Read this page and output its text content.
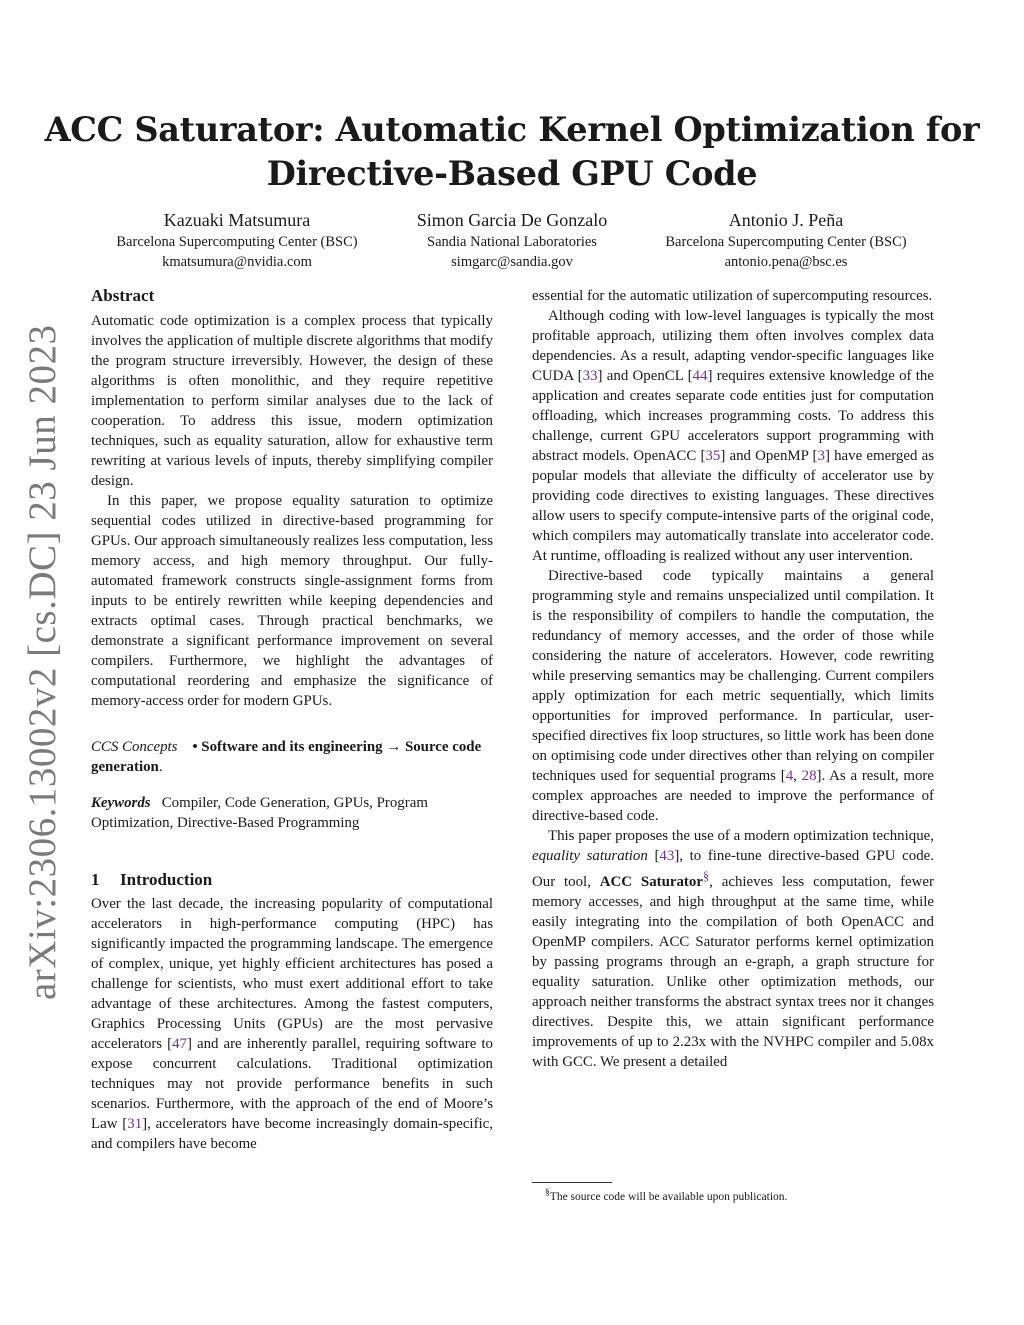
arXiv:2306.13002v2 [cs.DC] 23 Jun 2023
ACC Saturator: Automatic Kernel Optimization for
Directive-Based GPU Code
Kazuaki Matsumura
Barcelona Supercomputing Center (BSC)
kmatsumura@nvidia.com
Simon Garcia De Gonzalo
Sandia National Laboratories
simgarc@sandia.gov
Antonio J. Peña
Barcelona Supercomputing Center (BSC)
antonio.pena@bsc.es
Abstract

Automatic code optimization is a complex process that typically involves the application of multiple discrete algorithms that modify the program structure irreversibly. However, the design of these algorithms is often monolithic, and they require repetitive implementation to perform similar analyses due to the lack of cooperation. To address this issue, modern optimization techniques, such as equality saturation, allow for exhaustive term rewriting at various levels of inputs, thereby simplifying compiler design.

In this paper, we propose equality saturation to optimize sequential codes utilized in directive-based programming for GPUs. Our approach simultaneously realizes less computation, less memory access, and high memory throughput. Our fully-automated framework constructs single-assignment forms from inputs to be entirely rewritten while keeping dependencies and extracts optimal cases. Through practical benchmarks, we demonstrate a significant performance improvement on several compilers. Furthermore, we highlight the advantages of computational reordering and emphasize the significance of memory-access order for modern GPUs.

CCS Concepts • Software and its engineering → Source code generation.

Keywords Compiler, Code Generation, GPUs, Program Optimization, Directive-Based Programming

1 Introduction

Over the last decade, the increasing popularity of computational accelerators in high-performance computing (HPC) has significantly impacted the programming landscape. The emergence of complex, unique, yet highly efficient architectures has posed a challenge for scientists, who must exert additional effort to take advantage of these architectures. Among the fastest computers, Graphics Processing Units (GPUs) are the most pervasive accelerators [47] and are inherently parallel, requiring software to expose concurrent calculations. Traditional optimization techniques may not provide performance benefits in such scenarios. Furthermore, with the approach of the end of Moore’s Law [31], accelerators have become increasingly domain-specific, and compilers have become

essential for the automatic utilization of supercomputing resources.

Although coding with low-level languages is typically the most profitable approach, utilizing them often involves complex data dependencies. As a result, adapting vendor-specific languages like CUDA [33] and OpenCL [44] requires extensive knowledge of the application and creates separate code entities just for computation offloading, which increases programming costs. To address this challenge, current GPU accelerators support programming with abstract models. OpenACC [35] and OpenMP [3] have emerged as popular models that alleviate the difficulty of accelerator use by providing code directives to existing languages. These directives allow users to specify compute-intensive parts of the original code, which compilers may automatically translate into accelerator code. At runtime, offloading is realized without any user intervention.

Directive-based code typically maintains a general programming style and remains unspecialized until compilation. It is the responsibility of compilers to handle the computation, the redundancy of memory accesses, and the order of those while considering the nature of accelerators. However, code rewriting while preserving semantics may be challenging. Current compilers apply optimization for each metric sequentially, which limits opportunities for improved performance. In particular, user-specified directives fix loop structures, so little work has been done on optimising code under directives other than relying on compiler techniques used for sequential programs [4, 28]. As a result, more complex approaches are needed to improve the performance of directive-based code.

This paper proposes the use of a modern optimization technique, equality saturation [43], to fine-tune directive-based GPU code. Our tool, ACC Saturator§, achieves less computation, fewer memory accesses, and high throughput at the same time, while easily integrating into the compilation of both OpenACC and OpenMP compilers. ACC Saturator performs kernel optimization by passing programs through an e-graph, a graph structure for equality saturation. Unlike other optimization methods, our approach neither transforms the abstract syntax trees nor it changes directives. Despite this, we attain significant performance improvements of up to 2.23x with the NVHPC compiler and 5.08x with GCC. We present a detailed

§The source code will be available upon publication.
